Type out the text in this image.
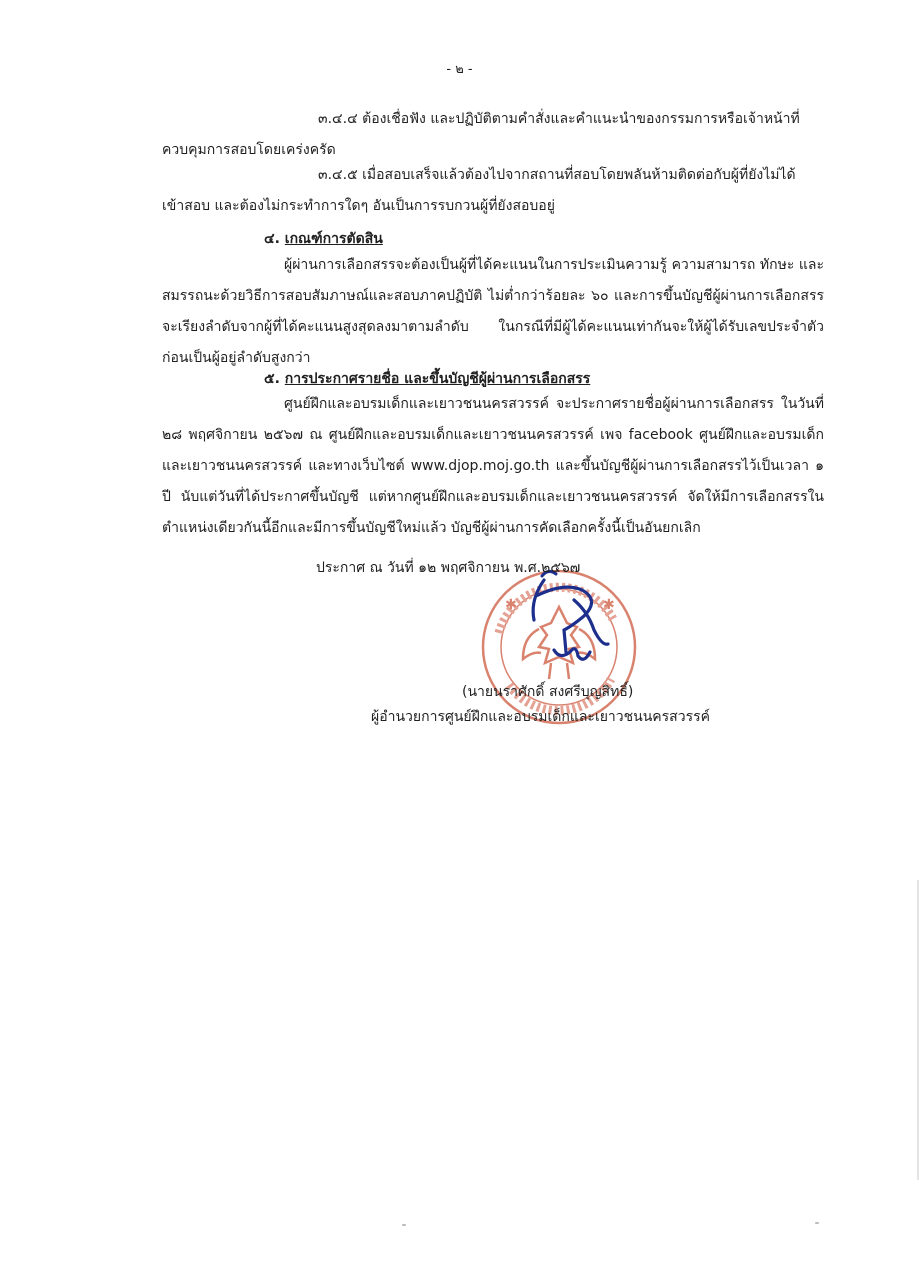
- ๒ -
๓.๔.๔ ต้องเชื่อฟัง และปฏิบัติตามคำสั่งและคำแนะนำของกรรมการหรือเจ้าหน้าที่
ควบคุมการสอบโดยเคร่งครัด
๓.๔.๕ เมื่อสอบเสร็จแล้วต้องไปจากสถานที่สอบโดยพลันห้ามติดต่อกับผู้ที่ยังไม่ได้
เข้าสอบ และต้องไม่กระทำการใดๆ อันเป็นการรบกวนผู้ที่ยังสอบอยู่
๔. เกณฑ์การตัดสิน
ผู้ผ่านการเลือกสรรจะต้องเป็นผู้ที่ได้คะแนนในการประเมินความรู้ ความสามารถ ทักษะ และสมรรถนะด้วยวิธีการสอบสัมภาษณ์และสอบภาคปฏิบัติ ไม่ต่ำกว่าร้อยละ ๖๐ และการขึ้นบัญชีผู้ผ่านการเลือกสรร จะเรียงลำดับจากผู้ที่ได้คะแนนสูงสุดลงมาตามลำดับ ในกรณีที่มีผู้ได้คะแนนเท่ากันจะให้ผู้ได้รับเลขประจำตัวก่อนเป็นผู้อยู่ลำดับสูงกว่า
๕. การประกาศรายชื่อ และขึ้นบัญชีผู้ผ่านการเลือกสรร
ศูนย์ฝึกและอบรมเด็กและเยาวชนนครสวรรค์ จะประกาศรายชื่อผู้ผ่านการเลือกสรร ในวันที่ ๒๘ พฤศจิกายน ๒๕๖๗ ณ ศูนย์ฝึกและอบรมเด็กและเยาวชนนครสวรรค์ เพจ facebook ศูนย์ฝึกและอบรมเด็กและเยาวชนนครสวรรค์ และทางเว็บไซต์ www.djop.moj.go.th และขึ้นบัญชีผู้ผ่านการเลือกสรรไว้เป็นเวลา ๑ ปี นับแต่วันที่ได้ประกาศขึ้นบัญชี แต่หากศูนย์ฝึกและอบรมเด็กและเยาวชนนครสวรรค์ จัดให้มีการเลือกสรรในตำแหน่งเดียวกันนี้อีกและมีการขึ้นบัญชีใหม่แล้ว บัญชีผู้ผ่านการคัดเลือกครั้งนี้เป็นอันยกเลิก
✱	✱
ประกาศ ณ วันที่ ๑๒ พฤศจิกายน พ.ศ.๒๕๖๗
(นายนราศักดิ์ สงศรีบุญสิทธิ์)
ผู้อำนวยการศูนย์ฝึกและอบรมเด็กและเยาวชนนครสวรรค์
